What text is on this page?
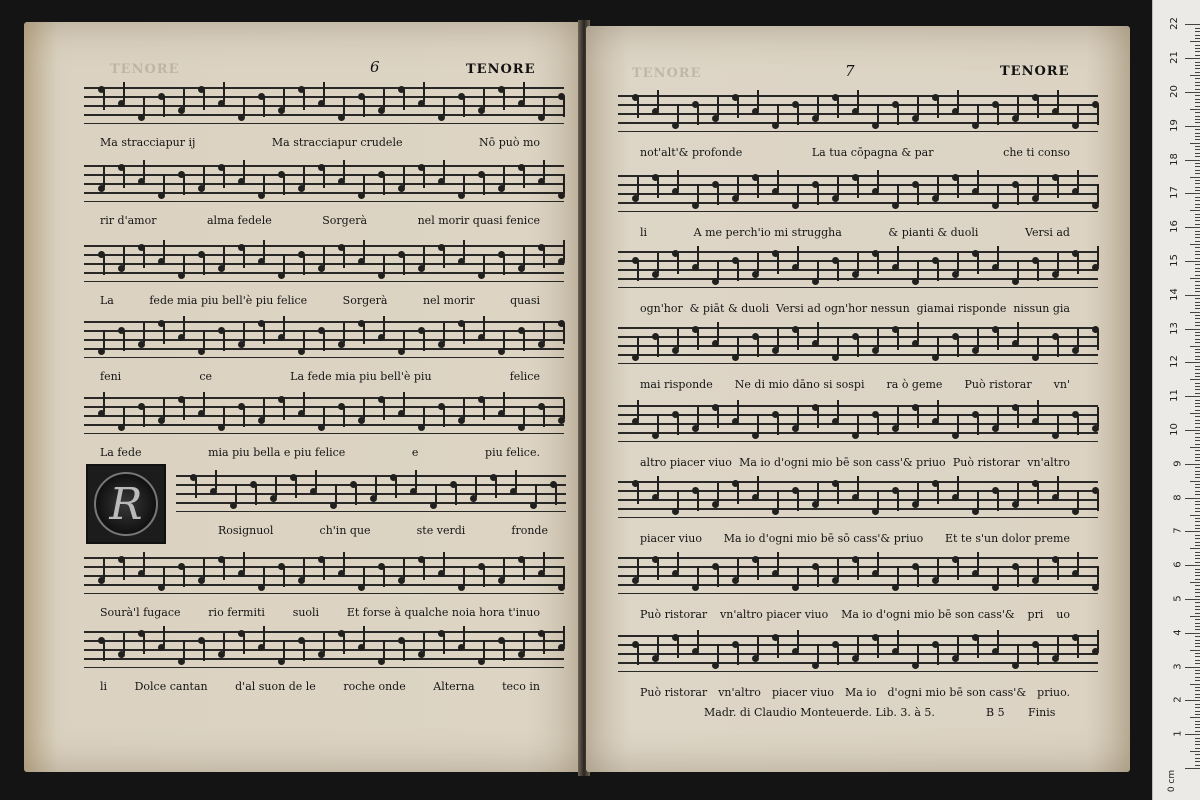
TENORE	6	TENORE	TENORE	7	TENORE
Ma stracciapur ij	Ma stracciapur crudele	Nō può mo
rir d'amor	alma fedele	Sorgerà	nel morir quasi fenice
La	fede mia piu bell'è piu felice	Sorgerà	nel morir	quasi
feni	ce	La fede mia piu bell'è piu	felice
La fede	mia piu bella e piu felice	e	piu felice.
Rosignuol	ch'in que	ste verdi	fronde
Sourà'l fugace	rio fermiti	suoli	Et forse à qualche noia hora t'inuo
li	Dolce cantan	d'al suon de le	roche onde	Alterna	teco in
not'alt'& profonde	La tua cōpagna & par	che ti conso
li	A me perch'io mi struggha	& pianti & duoli	Versi ad
ogn'hor & piāt & duoli Versi ad ogn'hor nessun giamai risponde nissun gia
mai risponde Ne di mio dāno si sospi ra ò geme Può ristorar vn'
altro piacer viuo Ma io d'ogni mio bē son cass'& priuo Può ristorar vn'altro
piacer viuo Ma io d'ogni mio bē sō cass'& priuo Et te s'un dolor preme
Può ristorar vn'altro piacer viuo Ma io d'ogni mio bē son cass'& pri uo
Può ristorar vn'altro piacer viuo Ma io d'ogni mio bē son cass'& priuo.
R
Madr. di Claudio Monteuerde. Lib. 3. à 5.	B 5 Finis
0 cm
22
21
20
19
18
17
16
15
14
13
12
11
10
9
8
7
6
5
4
3
2
1
